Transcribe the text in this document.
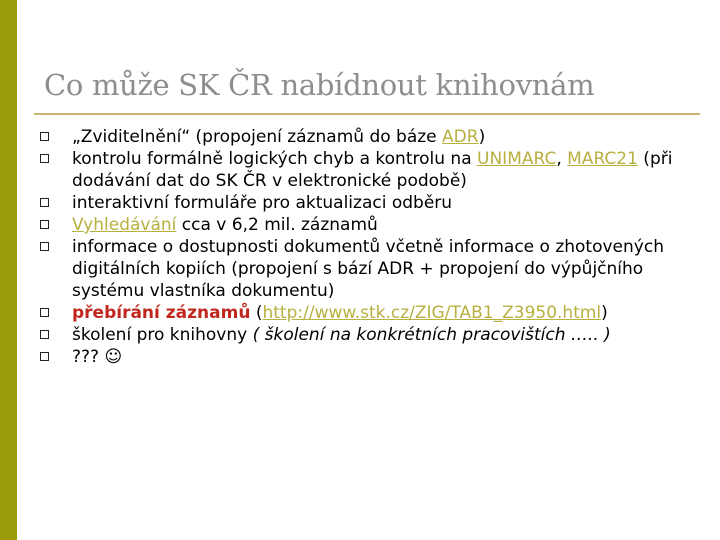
Co může SK ČR nabídnout knihovnám
„Zviditelnění“ (propojení záznamů do báze ADR)
kontrolu formálně logických chyb a kontrolu na UNIMARC, MARC21 (při dodávání dat do SK ČR v elektronické podobě)
interaktivní formuláře pro aktualizaci odběru
Vyhledávání cca v 6,2 mil. záznamů
informace o dostupnosti dokumentů včetně informace o zhotovených digitálních kopiích (propojení s bází ADR + propojení do výpůjčního systému vlastníka dokumentu)
přebírání záznamů (http://www.stk.cz/ZIG/TAB1_Z3950.html)
školení pro knihovny ( školení na konkrétních pracovištích ….. )
??? ☺
